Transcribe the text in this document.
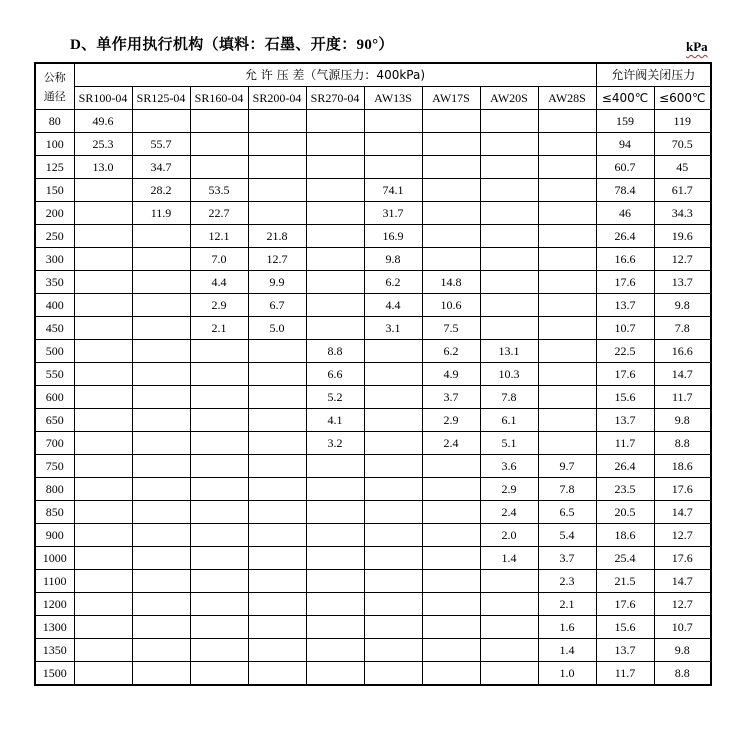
D、单作用执行机构（填料：石墨、开度：90°）	kPa
公称
通径	允 许 压 差（气源压力：400kPa)									允许阀关闭压力	
	SR100-04	SR125-04	SR160-04	SR200-04	SR270-04	AW13S	AW17S	AW20S	AW28S	≤400℃	≤600℃
80	49.6									159	119
100	25.3	55.7								94	70.5
125	13.0	34.7								60.7	45
150		28.2	53.5			74.1				78.4	61.7
200		11.9	22.7			31.7				46	34.3
250			12.1	21.8		16.9				26.4	19.6
300			7.0	12.7		9.8				16.6	12.7
350			4.4	9.9		6.2	14.8			17.6	13.7
400			2.9	6.7		4.4	10.6			13.7	9.8
450			2.1	5.0		3.1	7.5			10.7	7.8
500					8.8		6.2	13.1		22.5	16.6
550					6.6		4.9	10.3		17.6	14.7
600					5.2		3.7	7.8		15.6	11.7
650					4.1		2.9	6.1		13.7	9.8
700					3.2		2.4	5.1		11.7	8.8
750								3.6	9.7	26.4	18.6
800								2.9	7.8	23.5	17.6
850								2.4	6.5	20.5	14.7
900								2.0	5.4	18.6	12.7
1000								1.4	3.7	25.4	17.6
1100									2.3	21.5	14.7
1200									2.1	17.6	12.7
1300									1.6	15.6	10.7
1350									1.4	13.7	9.8
1500									1.0	11.7	8.8
